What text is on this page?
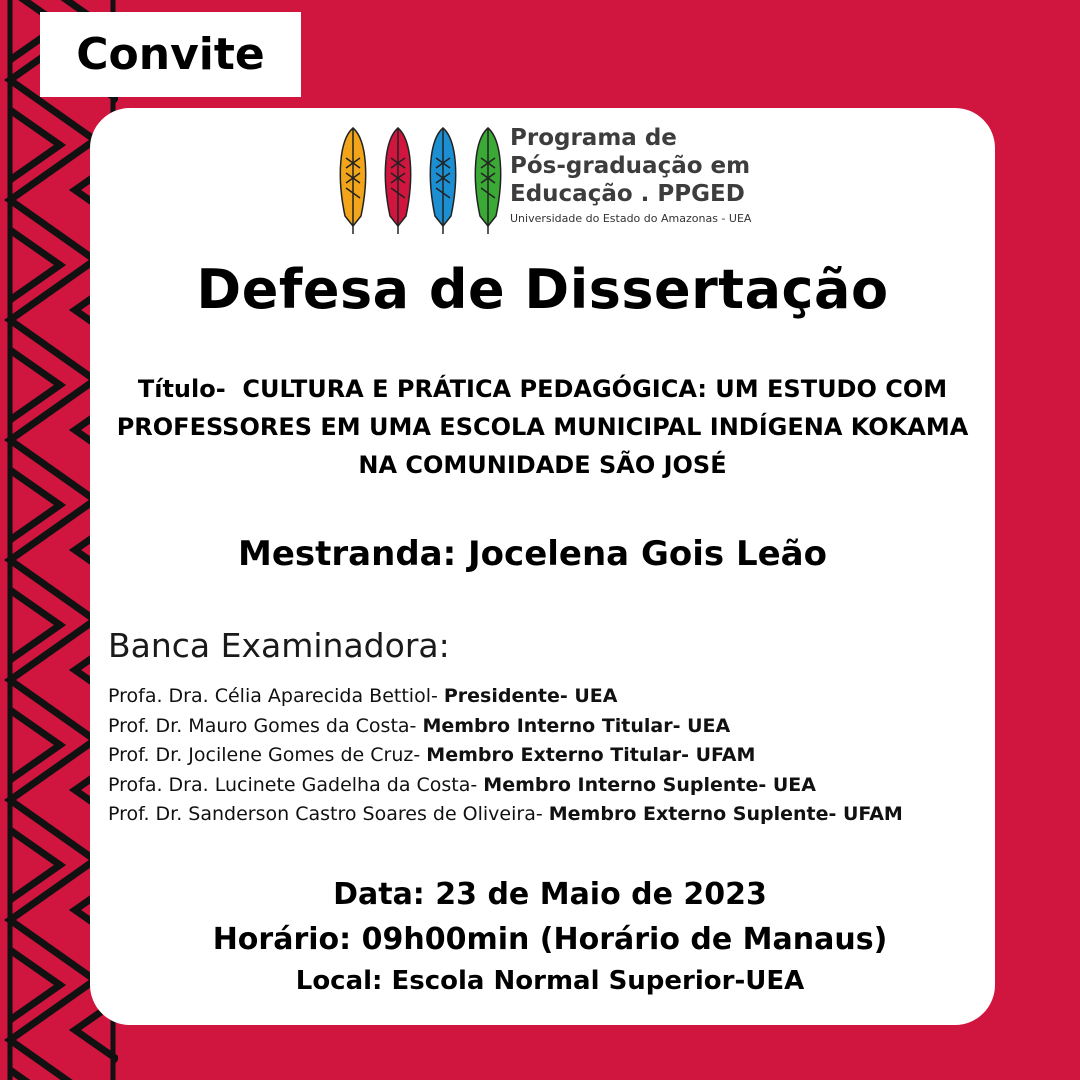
Convite
Programa de
Pós-graduação em
Educação . PPGED
Universidade do Estado do Amazonas - UEA
Defesa de Dissertação
Título- CULTURA E PRÁTICA PEDAGÓGICA: UM ESTUDO COM PROFESSORES EM UMA ESCOLA MUNICIPAL INDÍGENA KOKAMA NA COMUNIDADE SÃO JOSÉ
Mestranda: Jocelena Gois Leão
Banca Examinadora:
Profa. Dra. Célia Aparecida Bettiol- Presidente- UEA
Prof. Dr. Mauro Gomes da Costa- Membro Interno Titular- UEA
Prof. Dr. Jocilene Gomes de Cruz- Membro Externo Titular- UFAM
Profa. Dra. Lucinete Gadelha da Costa- Membro Interno Suplente- UEA
Prof. Dr. Sanderson Castro Soares de Oliveira- Membro Externo Suplente- UFAM
Data: 23 de Maio de 2023
Horário: 09h00min (Horário de Manaus)
Local: Escola Normal Superior-UEA
